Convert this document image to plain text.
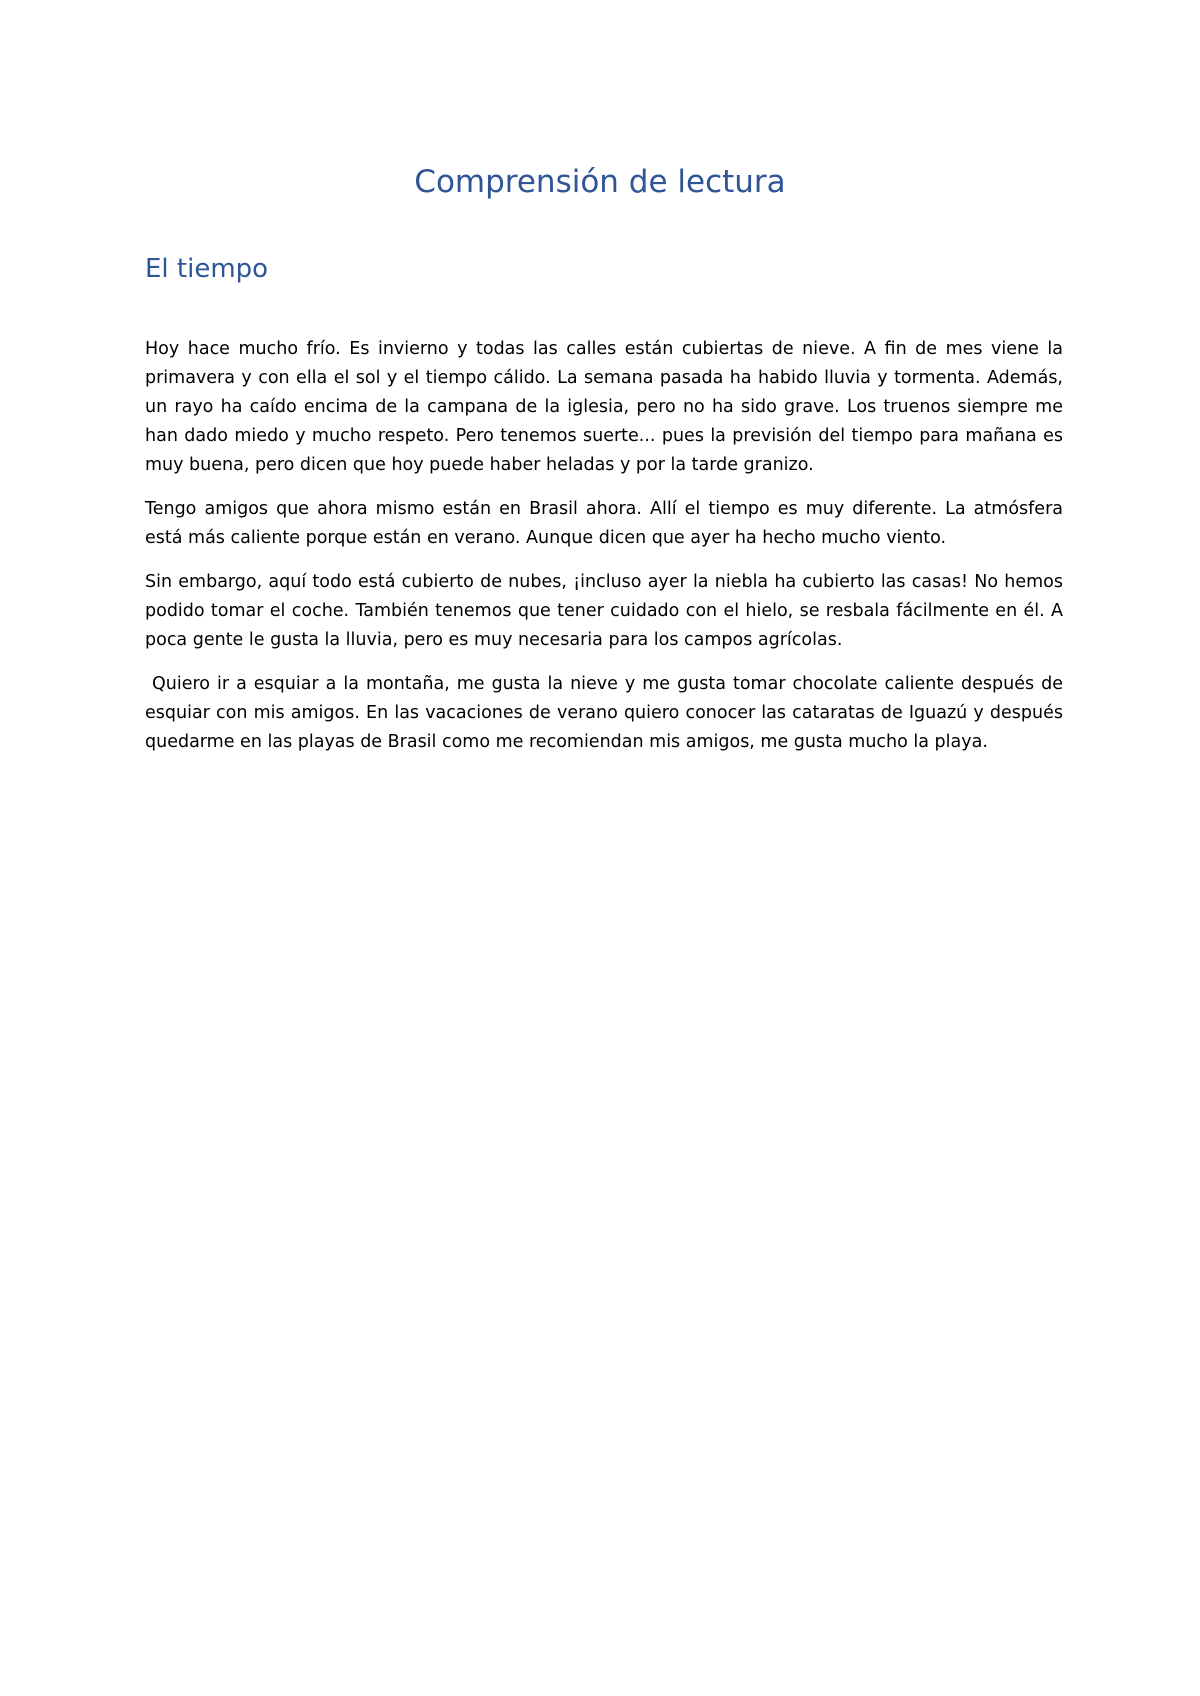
Comprensión de lectura
El tiempo

Hoy hace mucho frío. Es invierno y todas las calles están cubiertas de nieve. A fin de mes viene la primavera y con ella el sol y el tiempo cálido. La semana pasada ha habido lluvia y tormenta. Además, un rayo ha caído encima de la campana de la iglesia, pero no ha sido grave. Los truenos siempre me han dado miedo y mucho respeto. Pero tenemos suerte... pues la previsión del tiempo para mañana es muy buena, pero dicen que hoy puede haber heladas y por la tarde granizo.

Tengo amigos que ahora mismo están en Brasil ahora. Allí el tiempo es muy diferente. La atmósfera está más caliente porque están en verano. Aunque dicen que ayer ha hecho mucho viento.

Sin embargo, aquí todo está cubierto de nubes, ¡incluso ayer la niebla ha cubierto las casas! No hemos podido tomar el coche. También tenemos que tener cuidado con el hielo, se resbala fácilmente en él. A poca gente le gusta la lluvia, pero es muy necesaria para los campos agrícolas.

Quiero ir a esquiar a la montaña, me gusta la nieve y me gusta tomar chocolate caliente después de esquiar con mis amigos. En las vacaciones de verano quiero conocer las cataratas de Iguazú y después quedarme en las playas de Brasil como me recomiendan mis amigos, me gusta mucho la playa.
